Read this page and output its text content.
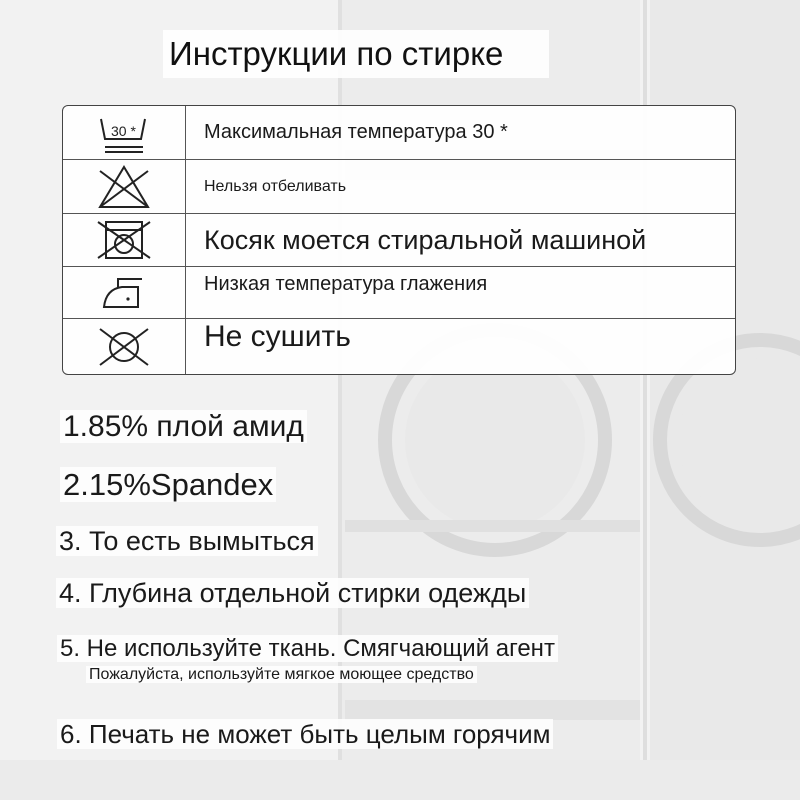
Инструкции по стирке
30 *	Максимальная температура 30 *
Нельзя отбеливать
Косяк моется стиральной машиной
Низкая температура глажения
Не сушить
1.85% плой амид
2.15%Spandex
3. То есть вымыться
4. Глубина отдельной стирки одежды
5. Не используйте ткань. Смягчающий агент
Пожалуйста, используйте мягкое моющее средство
6. Печать не может быть целым горячим
